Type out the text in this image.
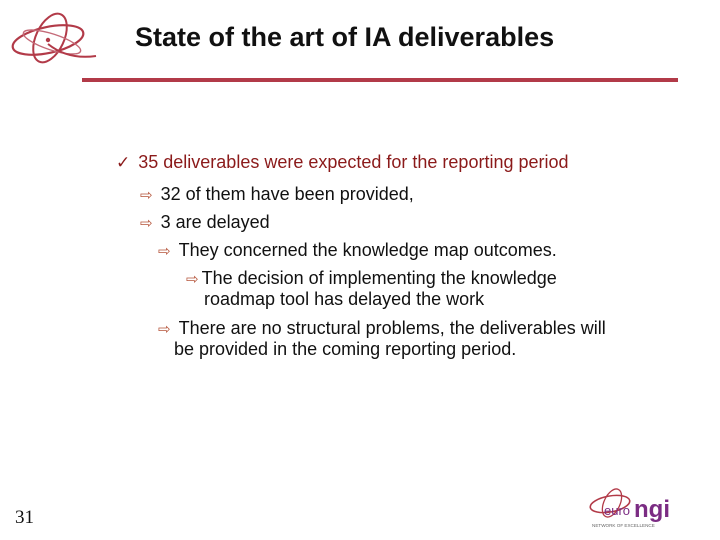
State of the art of IA deliverables
✓ 35 deliverables were expected for the reporting period
⇨ 32 of them have been provided,
⇨ 3 are delayed
⇨ They concerned the knowledge map outcomes.
⇨ The decision of implementing the knowledge
roadmap tool has delayed the work
⇨ There are no structural problems, the deliverables will
be provided in the coming reporting period.
31	euro ngi
NETWORK OF EXCELLENCE
